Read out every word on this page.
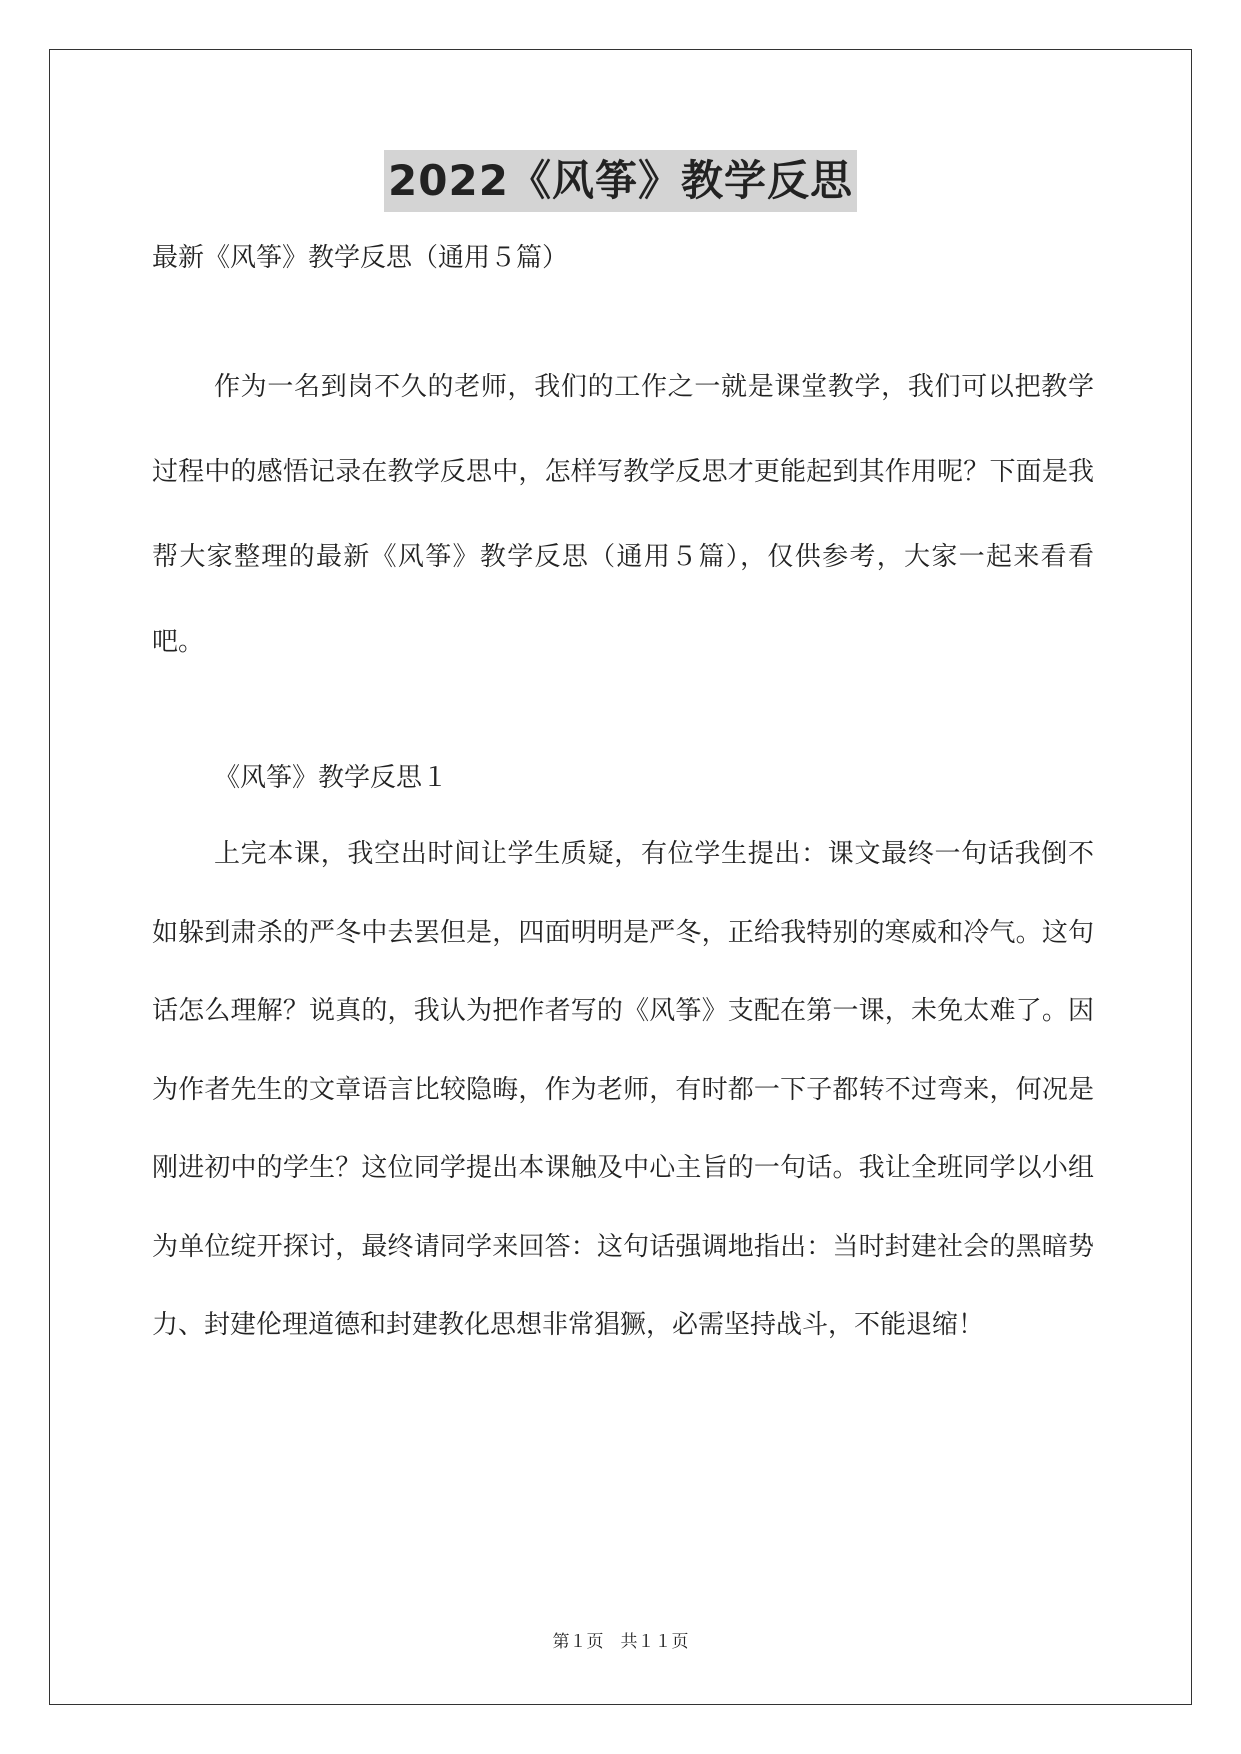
2022《风筝》教学反思
最新《风筝》教学反思（通用５篇）

作为一名到岗不久的老师，我们的工作之一就是课堂教学，我们可以把教学过程中的感悟记录在教学反思中，怎样写教学反思才更能起到其作用呢？下面是我帮大家整理的最新《风筝》教学反思（通用５篇），仅供参考，大家一起来看看吧。

《风筝》教学反思１

上完本课，我空出时间让学生质疑，有位学生提出：课文最终一句话我倒不如躲到肃杀的严冬中去罢但是，四面明明是严冬，正给我特别的寒威和冷气。这句话怎么理解？说真的，我认为把作者写的《风筝》支配在第一课，未免太难了。因为作者先生的文章语言比较隐晦，作为老师，有时都一下子都转不过弯来，何况是刚进初中的学生？这位同学提出本课触及中心主旨的一句话。我让全班同学以小组为单位绽开探讨，最终请同学来回答：这句话强调地指出：当时封建社会的黑暗势力、封建伦理道德和封建教化思想非常猖獗，必需坚持战斗，不能退缩！

第１页　共１１页
